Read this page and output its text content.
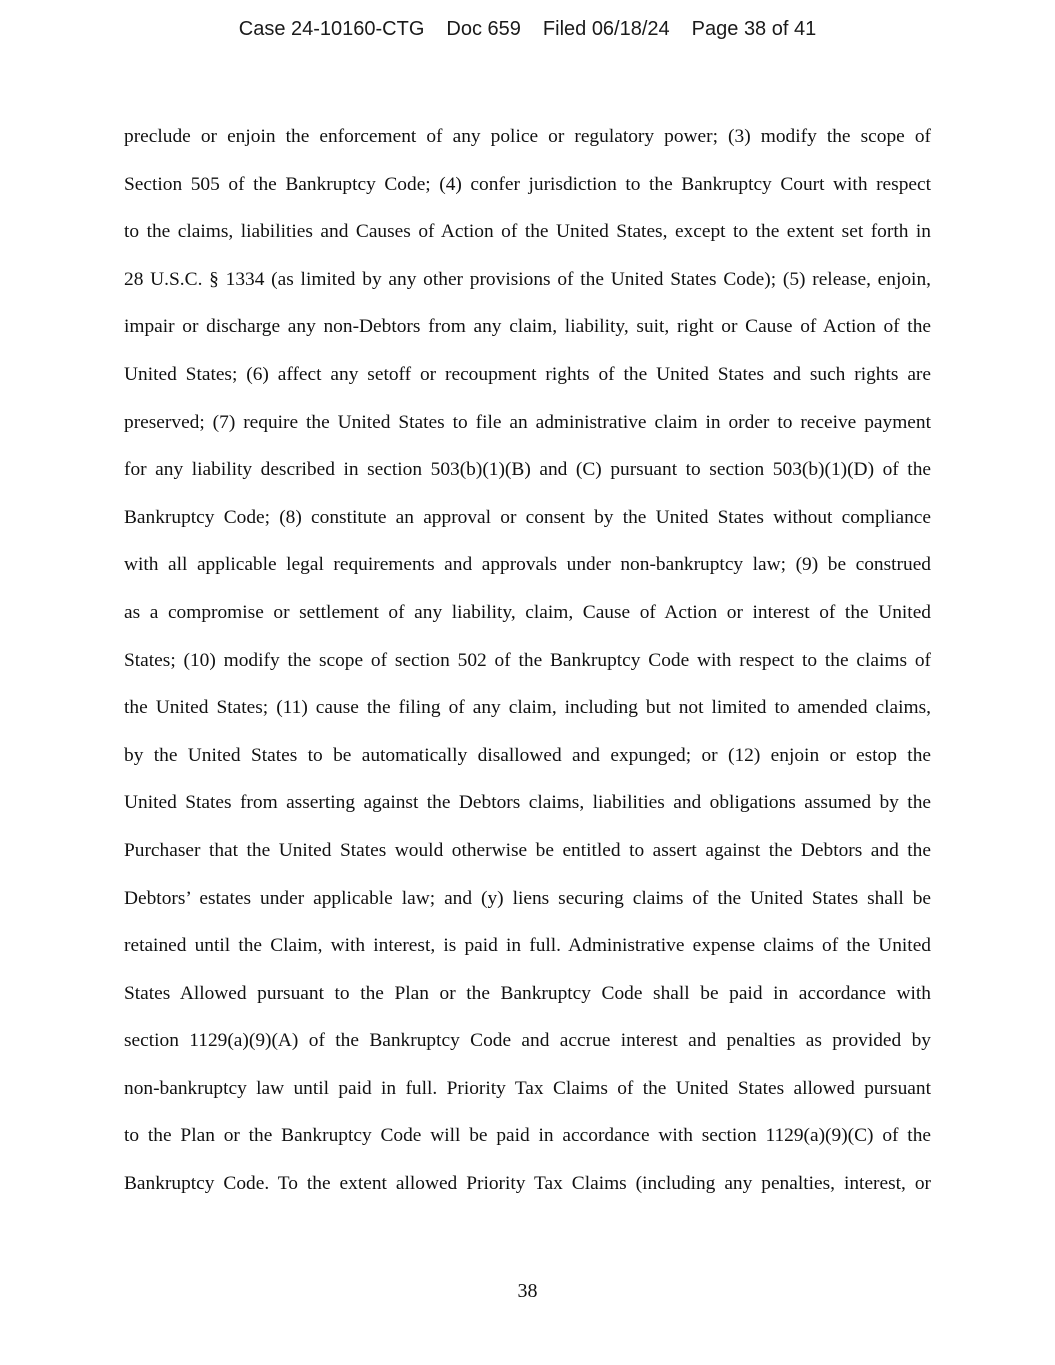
Case 24-10160-CTG Doc 659 Filed 06/18/24 Page 38 of 41
preclude or enjoin the enforcement of any police or regulatory power; (3) modify the scope of
Section 505 of the Bankruptcy Code; (4) confer jurisdiction to the Bankruptcy Court with respect
to the claims, liabilities and Causes of Action of the United States, except to the extent set forth in
28 U.S.C. § 1334 (as limited by any other provisions of the United States Code); (5) release, enjoin,
impair or discharge any non-Debtors from any claim, liability, suit, right or Cause of Action of the
United States; (6) affect any setoff or recoupment rights of the United States and such rights are
preserved; (7) require the United States to file an administrative claim in order to receive payment
for any liability described in section 503(b)(1)(B) and (C) pursuant to section 503(b)(1)(D) of the
Bankruptcy Code; (8) constitute an approval or consent by the United States without compliance
with all applicable legal requirements and approvals under non-bankruptcy law; (9) be construed
as a compromise or settlement of any liability, claim, Cause of Action or interest of the United
States; (10) modify the scope of section 502 of the Bankruptcy Code with respect to the claims of
the United States; (11) cause the filing of any claim, including but not limited to amended claims,
by the United States to be automatically disallowed and expunged; or (12) enjoin or estop the
United States from asserting against the Debtors claims, liabilities and obligations assumed by the
Purchaser that the United States would otherwise be entitled to assert against the Debtors and the
Debtors’ estates under applicable law; and (y) liens securing claims of the United States shall be
retained until the Claim, with interest, is paid in full. Administrative expense claims of the United
States Allowed pursuant to the Plan or the Bankruptcy Code shall be paid in accordance with
section 1129(a)(9)(A) of the Bankruptcy Code and accrue interest and penalties as provided by
non-bankruptcy law until paid in full. Priority Tax Claims of the United States allowed pursuant
to the Plan or the Bankruptcy Code will be paid in accordance with section 1129(a)(9)(C) of the
Bankruptcy Code. To the extent allowed Priority Tax Claims (including any penalties, interest, or
38
